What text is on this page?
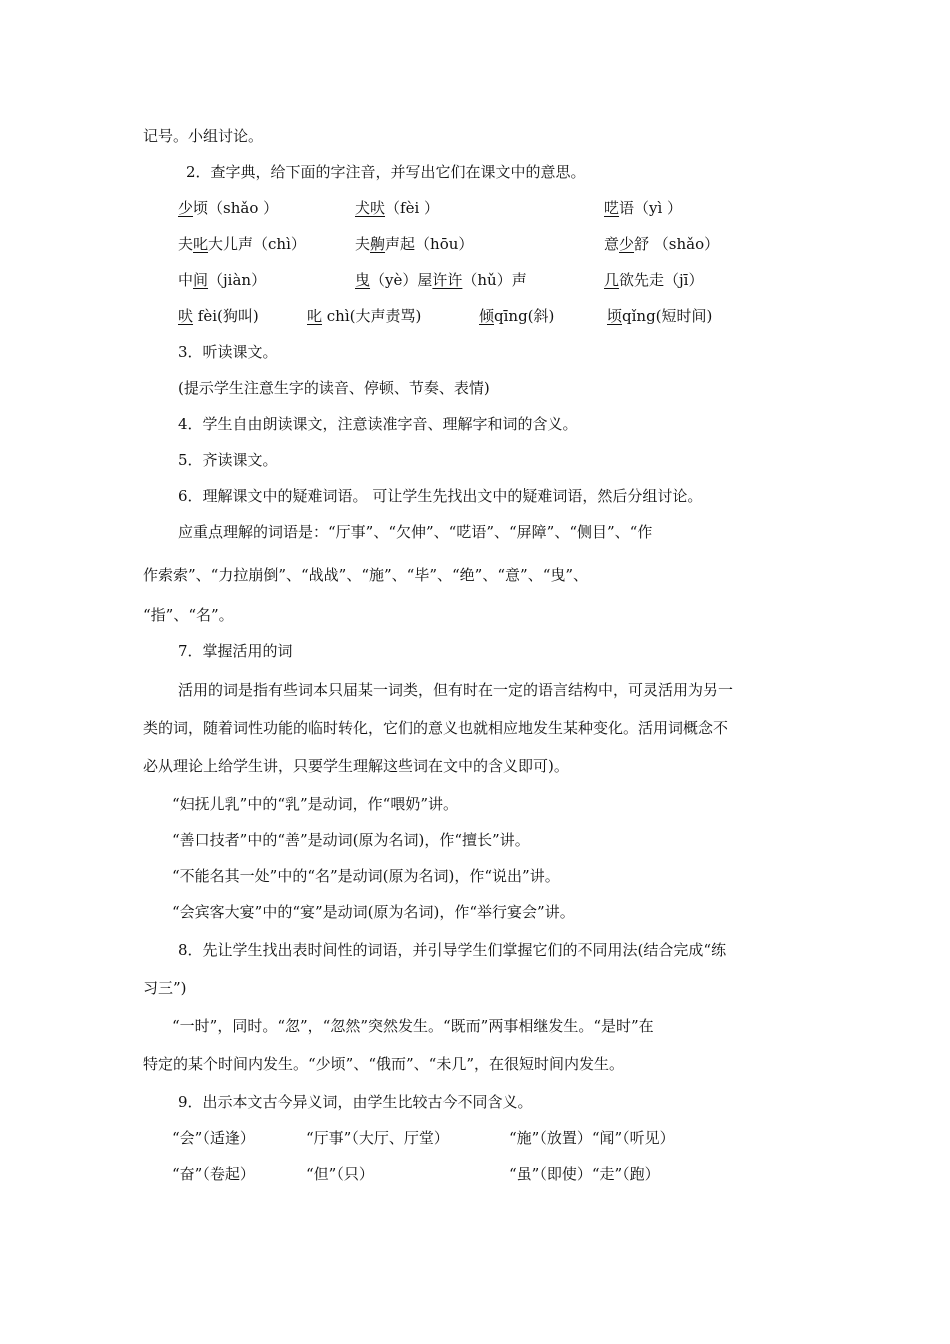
记号。小组讨论。
2．查字典，给下面的字注音，并写出它们在课文中的意思。
少顷（shǎo ）	犬吠（fèi ）	呓语（yì ）
夫叱大儿声（chì）	夫齁声起（hōu）	意少舒 （shǎo）
中间（jiàn）	曳（yè）屋许许（hǔ）声	几欲先走（jī）
吠 fèi(狗叫)	叱 chì(大声责骂)	倾qīng(斜)	顷qǐng(短时间)
3．听读课文。
(提示学生注意生字的读音、停顿、节奏、表情)
4．学生自由朗读课文，注意读准字音、理解字和词的含义。
5．齐读课文。
6．理解课文中的疑难词语。 可让学生先找出文中的疑难词语，然后分组讨论。
应重点理解的词语是：“厅事”、“欠伸”、“呓语”、“屏障”、“侧目”、“作
作索索”、“力拉崩倒”、“战战”、“施”、“毕”、“绝”、“意”、“曳”、
“指”、“名”。
7．掌握活用的词
活用的词是指有些词本只届某一词类，但有时在一定的语言结构中，可灵活用为另一
类的词，随着词性功能的临时转化，它们的意义也就相应地发生某种变化。活用词概念不
必从理论上给学生讲，只要学生理解这些词在文中的含义即可)。
“妇抚儿乳”中的“乳”是动词，作“喂奶”讲。
“善口技者”中的“善”是动词(原为名词)，作“擅长”讲。
“不能名其一处”中的“名”是动词(原为名词)，作“说出”讲。
“会宾客大宴”中的“宴”是动词(原为名词)，作“举行宴会”讲。
8．先让学生找出表时间性的词语，并引导学生们掌握它们的不同用法(结合完成“练
习三”)
“一时”，同时。“忽”，“忽然”突然发生。“既而”两事相继发生。“是时”在
特定的某个时间内发生。“少顷”、“俄而”、“未几”，在很短时间内发生。
9．出示本文古今异义词，由学生比较古今不同含义。
“会”（适逢）	“厅事”（大厅、厅堂）	“施”（放置）“闻”（听见）
“奋”（卷起）	“但”（只）	“虽”（即使）“走”（跑）
